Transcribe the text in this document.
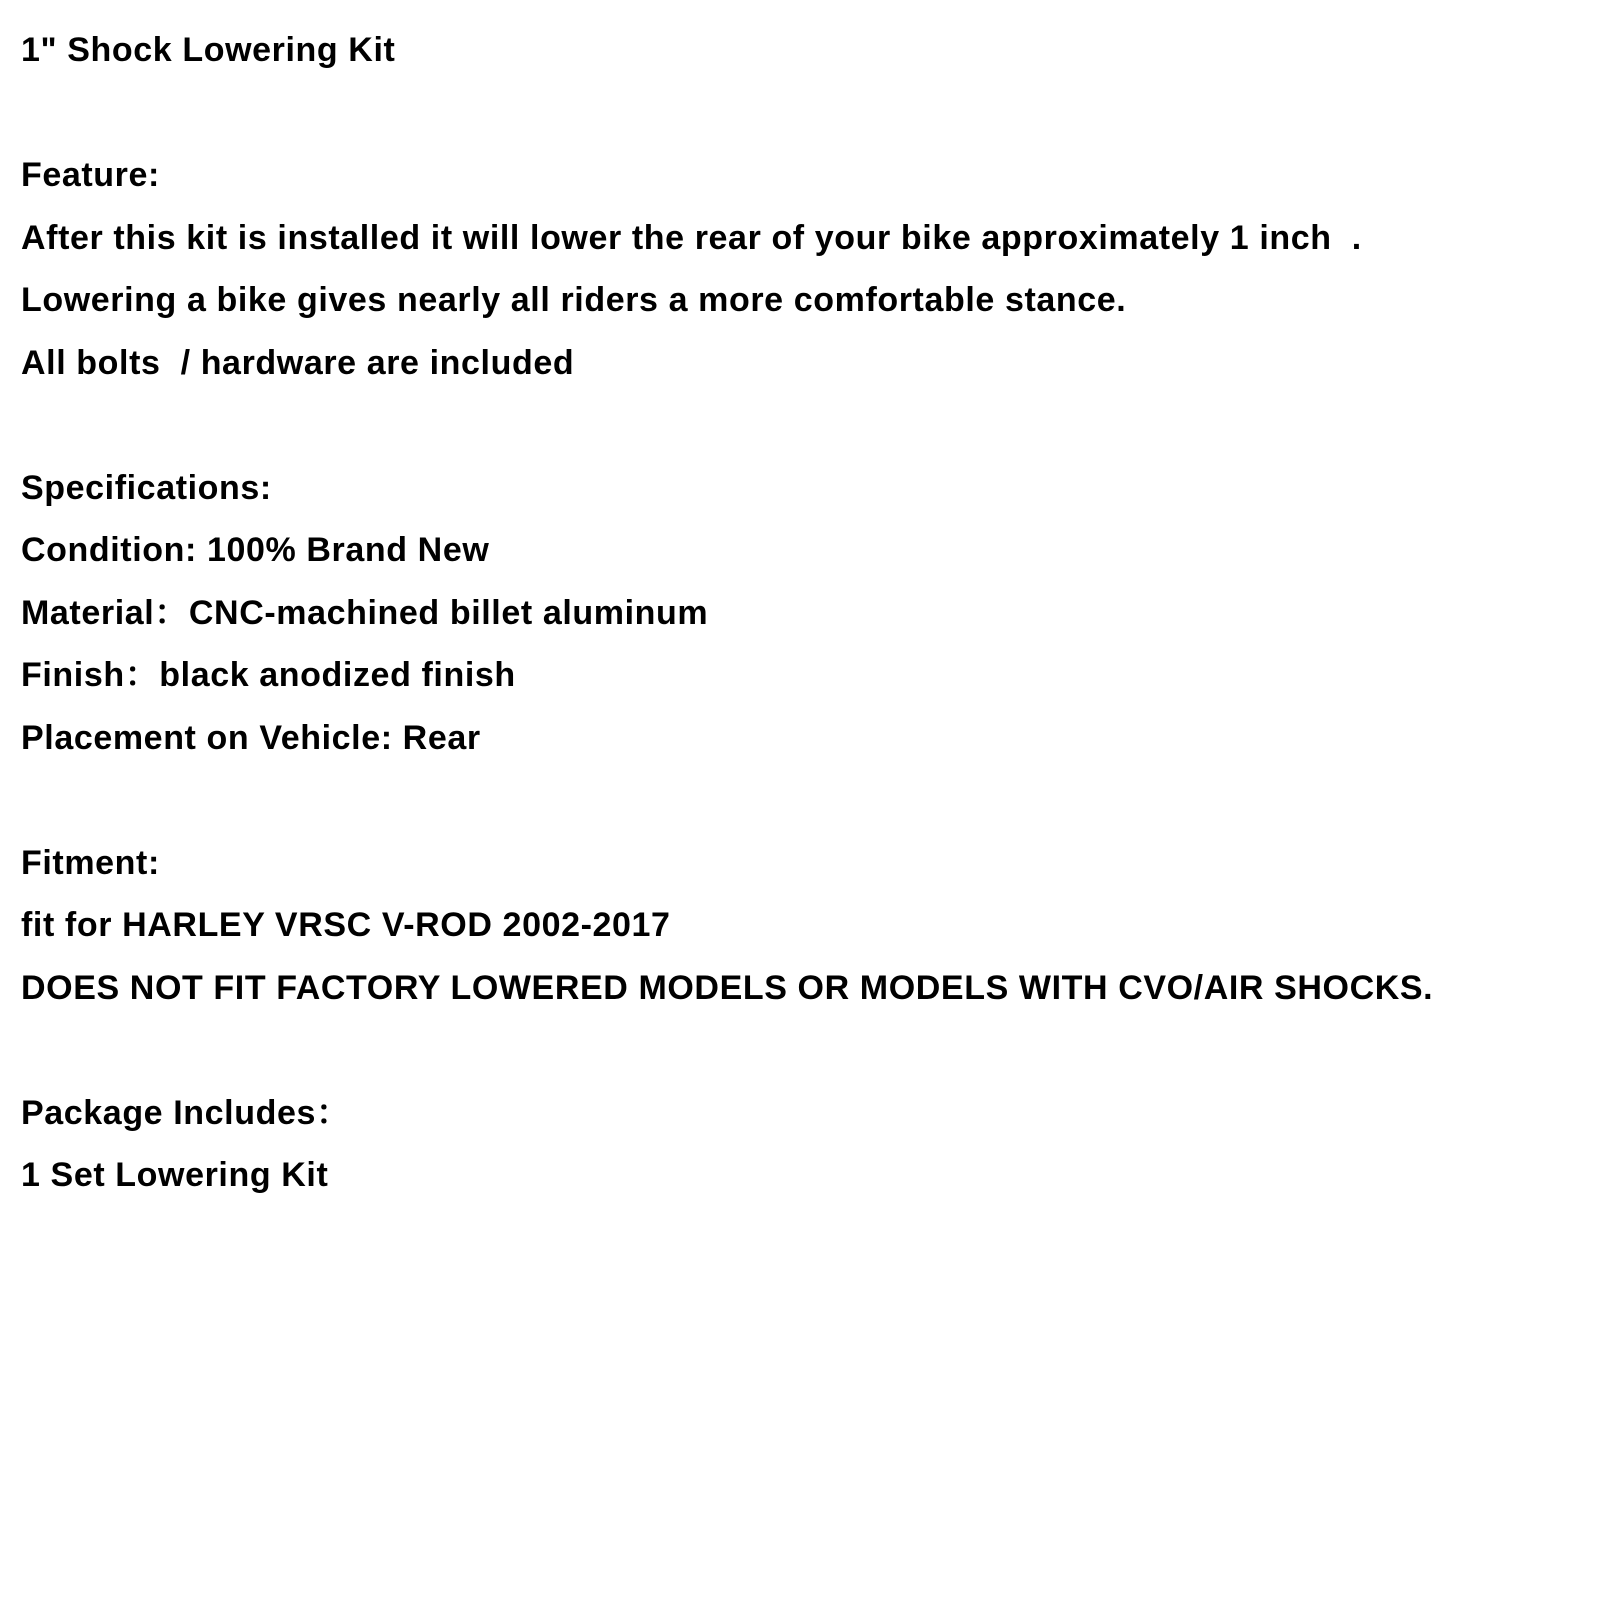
1" Shock Lowering Kit
Feature:
After this kit is installed it will lower the rear of your bike approximately 1 inch  .
Lowering a bike gives nearly all riders a more comfortable stance.
All bolts  / hardware are included
Specifications:
Condition: 100% Brand New
Material：CNC-machined billet aluminum
Finish：black anodized finish
Placement on Vehicle: Rear
Fitment:
fit for HARLEY VRSC V-ROD 2002-2017
DOES NOT FIT FACTORY LOWERED MODELS OR MODELS WITH CVO/AIR SHOCKS.
Package Includes：
1 Set Lowering Kit
